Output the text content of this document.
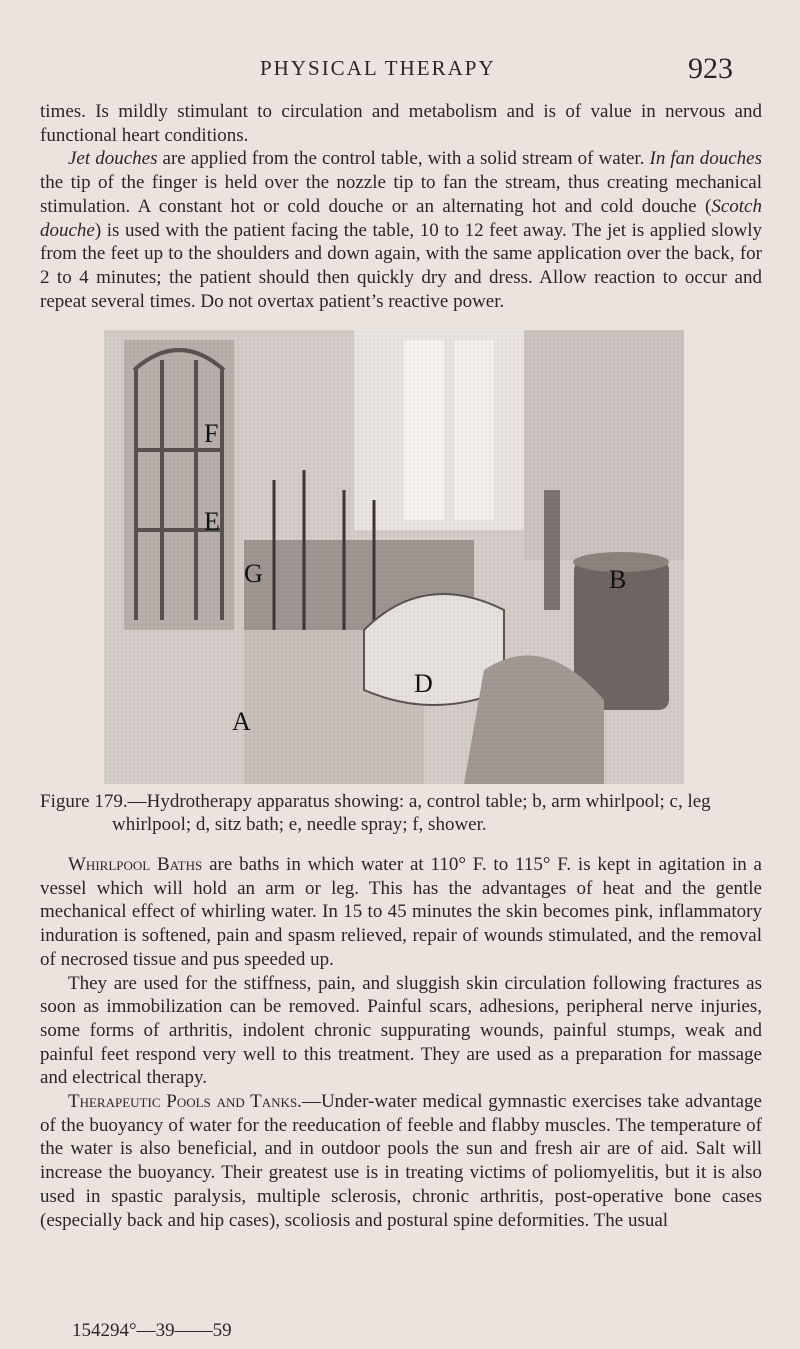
PHYSICAL THERAPY	923

times. Is mildly stimulant to circulation and metabolism and is of value in nervous and functional heart conditions.

Jet douches are applied from the control table, with a solid stream of water. In fan douches the tip of the finger is held over the nozzle tip to fan the stream, thus creating mechanical stimulation. A constant hot or cold douche or an alternating hot and cold douche (Scotch douche) is used with the patient facing the table, 10 to 12 feet away. The jet is applied slowly from the feet up to the shoulders and down again, with the same application over the back, for 2 to 4 minutes; the patient should then quickly dry and dress. Allow reaction to occur and repeat several times. Do not overtax patient’s reactive power.

F
E
G	B
D
A
Figure 179.—Hydrotherapy apparatus showing: a, control table; b, arm whirlpool; c, leg
whirlpool; d, sitz bath; e, needle spray; f, shower.

Whirlpool Baths are baths in which water at 110° F. to 115° F. is kept in agitation in a vessel which will hold an arm or leg. This has the advantages of heat and the gentle mechanical effect of whirling water. In 15 to 45 minutes the skin becomes pink, inflammatory induration is softened, pain and spasm relieved, repair of wounds stimulated, and the removal of necrosed tissue and pus speeded up.

They are used for the stiffness, pain, and sluggish skin circulation following fractures as soon as immobilization can be removed. Painful scars, adhesions, peripheral nerve injuries, some forms of arthritis, indolent chronic suppurating wounds, painful stumps, weak and painful feet respond very well to this treatment. They are used as a preparation for massage and electrical therapy.

Therapeutic Pools and Tanks.—Under-water medical gymnastic exercises take advantage of the buoyancy of water for the reeducation of feeble and flabby muscles. The temperature of the water is also beneficial, and in outdoor pools the sun and fresh air are of aid. Salt will increase the buoyancy. Their greatest use is in treating victims of poliomyelitis, but it is also used in spastic paralysis, multiple sclerosis, chronic arthritis, post-operative bone cases (especially back and hip cases), scoliosis and postural spine deformities. The usual

154294°—39——59
